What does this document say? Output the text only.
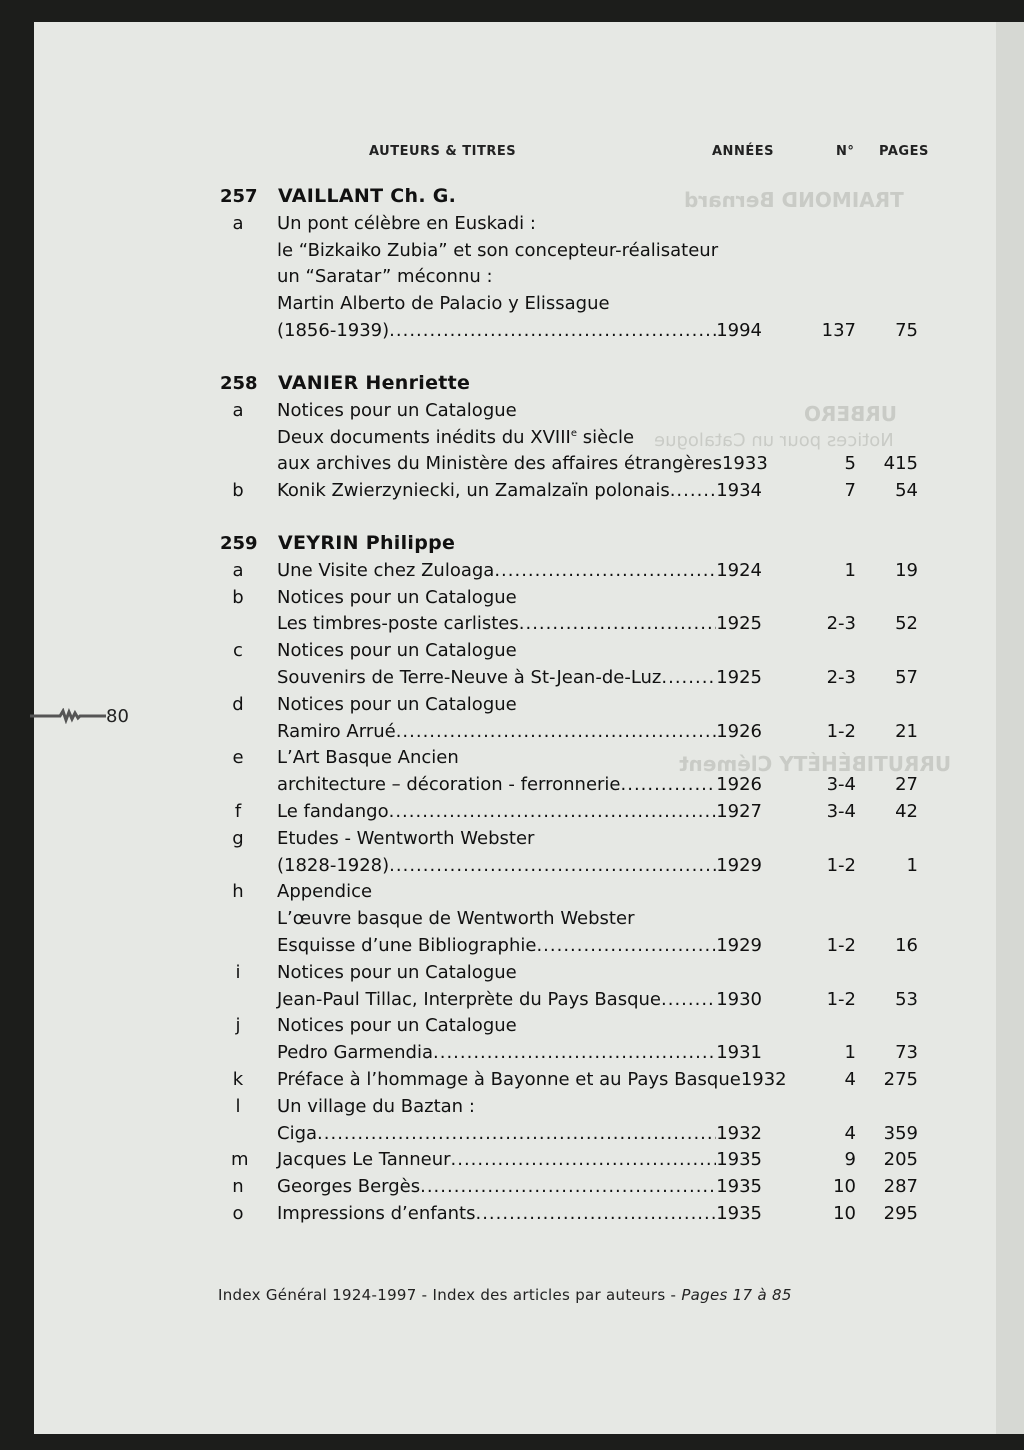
TRAIMOND Bernard
URRUTIBÉHÉTY Clément
URBERO
Notices pour un Catalogue
AUTEURS & TITRES	ANNÉES	N° PAGES
80
Index Général 1924-1997 - Index des articles par auteurs - Pages 17 à 85
257 VAILLANT Ch. G.
a Un pont célèbre en Euskadi :
le “Bizkaiko Zubia” et son concepteur-réalisateur
un “Saratar” méconnu :
Martin Alberto de Palacio y Elissague
(1856-1939) .....	1994	137	75
258 VANIER Henriette
a Notices pour un Catalogue
Deux documents inédits du XVIIIe siècle
aux archives du Ministère des affaires étrangères 1933	5	415
b Konik Zwierzyniecki, un Zamalzaïn polonais .....	1934	7	54
259 VEYRIN Philippe
a Une Visite chez Zuloaga .....	1924	1	19
b Notices pour un Catalogue
Les timbres-poste carlistes .....	1925	2-3	52
c Notices pour un Catalogue
Souvenirs de Terre-Neuve à St-Jean-de-Luz .....	1925	2-3	57
d Notices pour un Catalogue
Ramiro Arrué .....	1926	1-2	21
e L’Art Basque Ancien
architecture – décoration - ferronnerie .....	1926	3-4	27
f Le fandango .....	1927	3-4	42
g Etudes - Wentworth Webster
(1828-1928) .....	1929	1-2	1
h Appendice
L’œuvre basque de Wentworth Webster
Esquisse d’une Bibliographie .....	1929	1-2	16
i Notices pour un Catalogue
Jean-Paul Tillac, Interprète du Pays Basque .....	1930	1-2	53
j Notices pour un Catalogue
Pedro Garmendia .....	1931	1	73
k Préface à l’hommage à Bayonne et au Pays Basque 1932	4	275
l Un village du Baztan :
Ciga .....	1932	4	359
m Jacques Le Tanneur .....	1935	9	205
n Georges Bergès .....	1935	10	287
o Impressions d’enfants .....	1935	10	295
